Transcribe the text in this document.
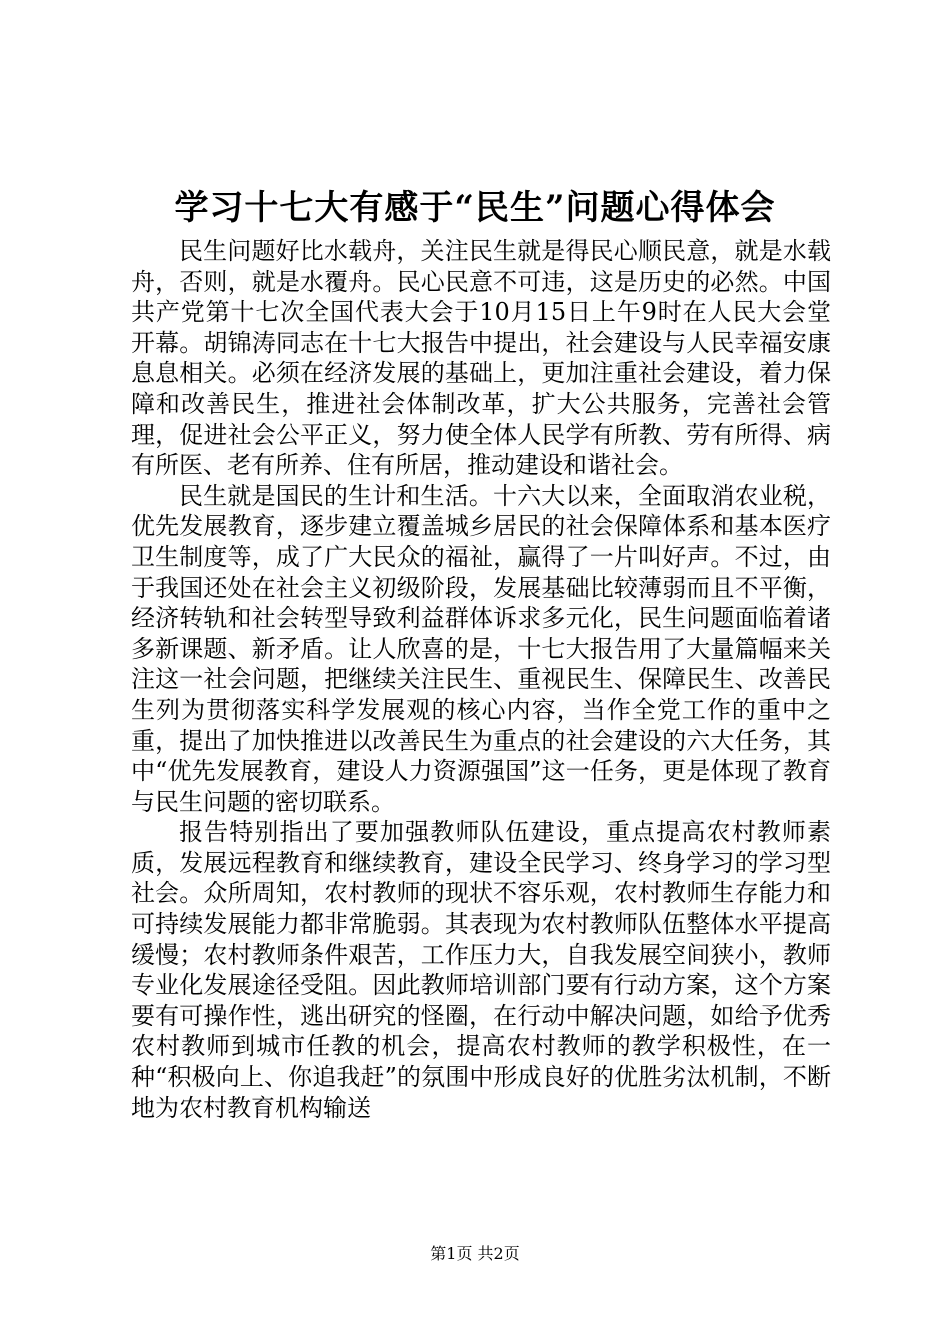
学习十七大有感于“民生”问题心得体会

民生问题好比水载舟，关注民生就是得民心顺民意，就是水载舟，否则，就是水覆舟。民心民意不可违，这是历史的必然。中国共产党第十七次全国代表大会于10月15日上午9时在人民大会堂开幕。胡锦涛同志在十七大报告中提出，社会建设与人民幸福安康息息相关。必须在经济发展的基础上，更加注重社会建设，着力保障和改善民生，推进社会体制改革，扩大公共服务，完善社会管理，促进社会公平正义，努力使全体人民学有所教、劳有所得、病有所医、老有所养、住有所居，推动建设和谐社会。

民生就是国民的生计和生活。十六大以来，全面取消农业税，优先发展教育，逐步建立覆盖城乡居民的社会保障体系和基本医疗卫生制度等，成了广大民众的福祉，赢得了一片叫好声。不过，由于我国还处在社会主义初级阶段，发展基础比较薄弱而且不平衡，经济转轨和社会转型导致利益群体诉求多元化，民生问题面临着诸多新课题、新矛盾。让人欣喜的是，十七大报告用了大量篇幅来关注这一社会问题，把继续关注民生、重视民生、保障民生、改善民生列为贯彻落实科学发展观的核心内容，当作全党工作的重中之重，提出了加快推进以改善民生为重点的社会建设的六大任务，其中“优先发展教育，建设人力资源强国”这一任务，更是体现了教育与民生问题的密切联系。

报告特别指出了要加强教师队伍建设，重点提高农村教师素质，发展远程教育和继续教育，建设全民学习、终身学习的学习型社会。众所周知，农村教师的现状不容乐观，农村教师生存能力和可持续发展能力都非常脆弱。其表现为农村教师队伍整体水平提高缓慢；农村教师条件艰苦，工作压力大，自我发展空间狭小，教师专业化发展途径受阻。因此教师培训部门要有行动方案，这个方案要有可操作性，逃出研究的怪圈，在行动中解决问题，如给予优秀农村教师到城市任教的机会，提高农村教师的教学积极性，在一种“积极向上、你追我赶”的氛围中形成良好的优胜劣汰机制，不断地为农村教育机构输送

第1页 共2页
